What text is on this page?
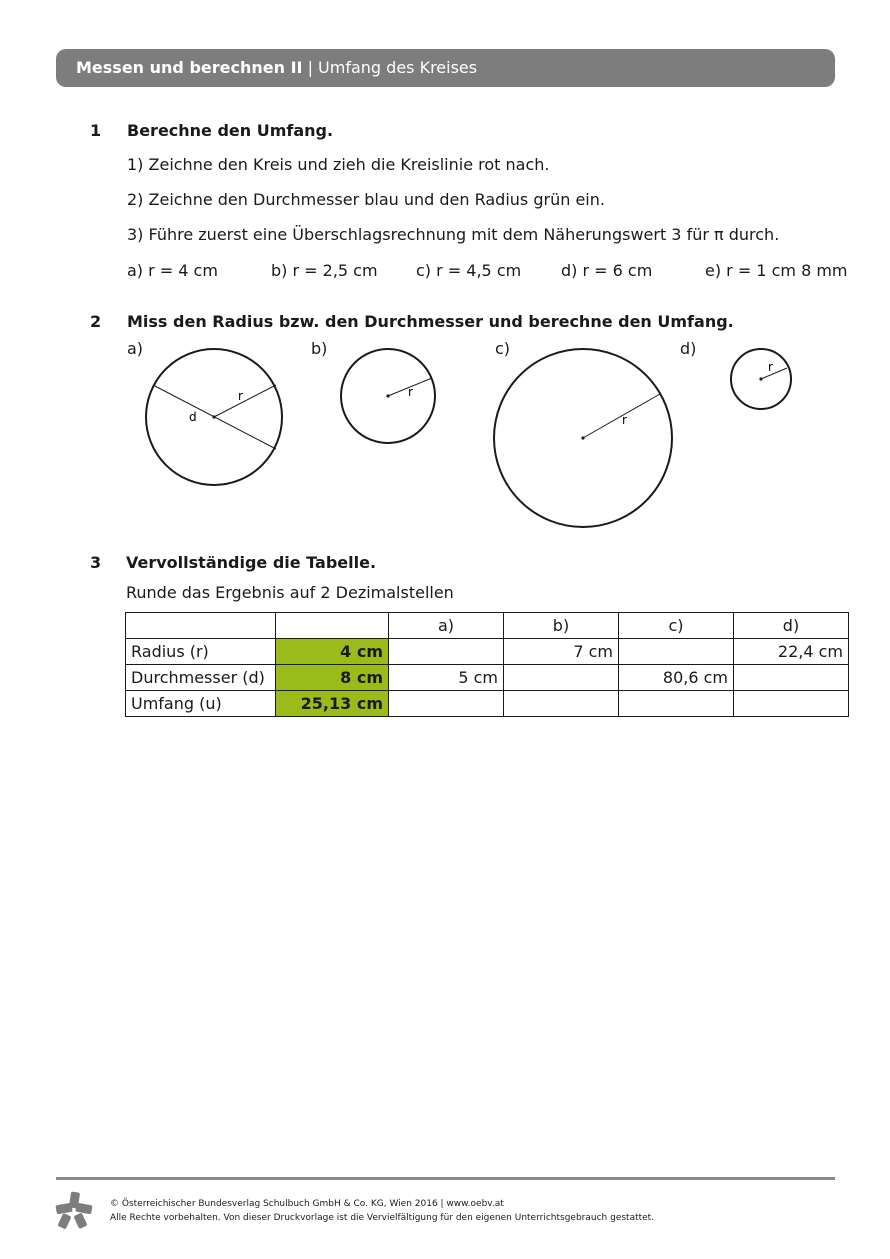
Messen und berechnen II | Umfang des Kreises
1 Berechne den Umfang.
1) Zeichne den Kreis und zieh die Kreislinie rot nach.
2) Zeichne den Durchmesser blau und den Radius grün ein.
3) Führe zuerst eine Überschlagsrechnung mit dem Näherungswert 3 für π durch.
a) r = 4 cm	b) r = 2,5 cm c) r = 4,5 cm d) r = 6 cm	e) r = 1 cm 8 mm
2 Miss den Radius bzw. den Durchmesser und berechne den Umfang.
a)	b)	c)	d)
r
d
r
r
r
3 Vervollständige die Tabelle.
Runde das Ergebnis auf 2 Dezimalstellen
		a)	b)	c)	d)
Radius (r)	4 cm		7 cm		22,4 cm
Durchmesser (d)	8 cm	5 cm		80,6 cm	
Umfang (u)	25,13 cm				
© Österreichischer Bundesverlag Schulbuch GmbH & Co. KG, Wien 2016 | www.oebv.at
Alle Rechte vorbehalten. Von dieser Druckvorlage ist die Vervielfältigung für den eigenen Unterrichtsgebrauch gestattet.
